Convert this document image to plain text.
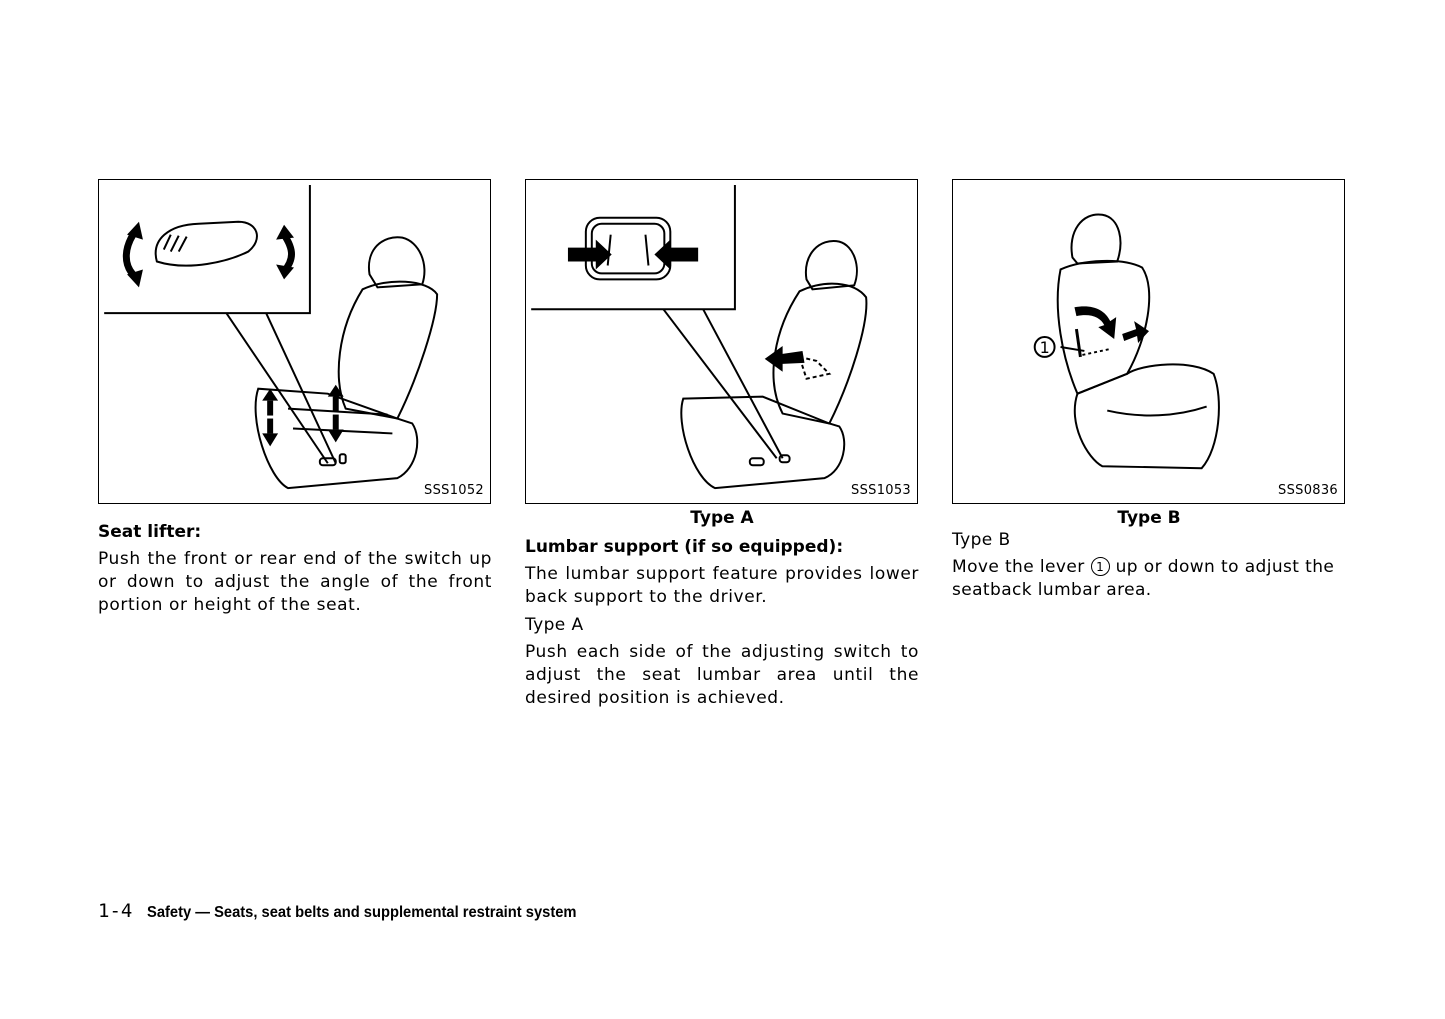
SSS1052	SSS1053
1
SSS0836

Seat lifter:

Push the front or rear end of the switch up or down to adjust the angle of the front portion or height of the seat.

Type A

Lumbar support (if so equipped):

The lumbar support feature provides lower back support to the driver.

Type A

Push each side of the adjusting switch to adjust the seat lumbar area until the desired position is achieved.

Type B

Type B

Move the lever 1 up or down to adjust the seatback lumbar area.

1-4 Safety — Seats, seat belts and supplemental restraint system
